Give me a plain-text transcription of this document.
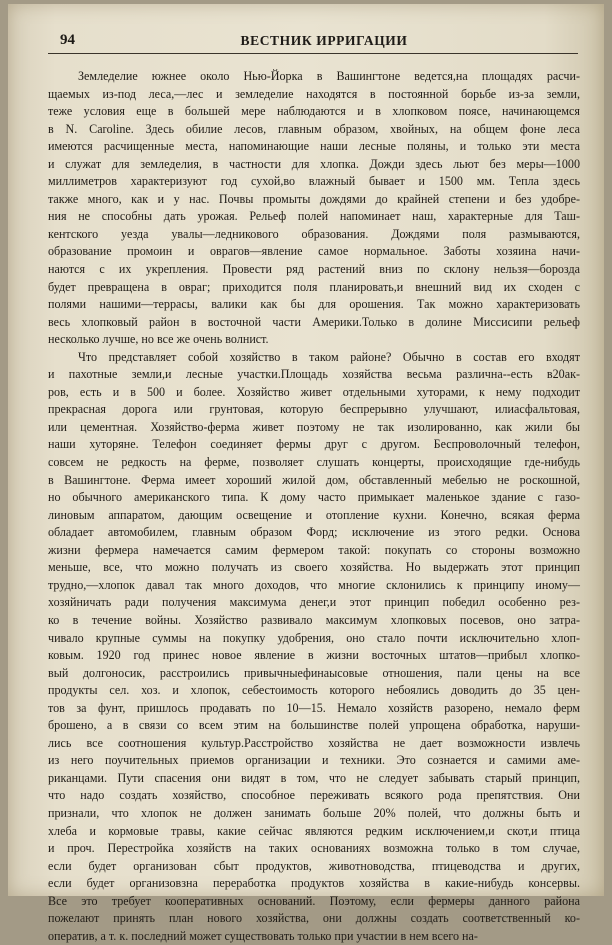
94	ВЕСТНИК ИРРИГАЦИИ
Земледелие южнее около Нью-Йорка в Вашингтоне ведется,на площадях расчи-
щаемых из-под леса,—лес и земледелие находятся в постоянной борьбе из-за земли,
теже условия еще в большей мере наблюдаются и в хлопковом поясе, начинающемся
в N. Caroline. Здесь обилие лесов, главным образом, хвойных, на общем фоне леса
имеются расчищенные места, напоминающие наши лесные поляны, и только эти места
и служат для земледелия, в частности для хлопка. Дожди здесь льют без меры—1000
миллиметров характеризуют год сухой,во влажный бывает и 1500 мм. Тепла здесь
также много, как и у нас. Почвы промыты дождями до крайней степени и без удобре-
ния не способны дать урожая. Рельеф полей напоминает наш, характерные для Таш-
кентского уезда увалы—ледникового образования. Дождями поля размываются,
образование промоин и оврагов—явление самое нормальное. Заботы хозяина начи-
наются с их укрепления. Провести ряд растений вниз по склону нельзя—борозда
будет превращена в овраг; приходится поля планировать,и внешний вид их сходен с
полями нашими—террасы, валики как бы для орошения. Так можно характеризовать
весь хлопковый район в восточной части Америки.Только в долине Миссисипи рельеф
несколько лучше, но все же очень волнист.
Что представляет собой хозяйство в таком районе? Обычно в состав его входят
и пахотные земли,и лесные участки.Площадь хозяйства весьма различна--есть в20ак-
ров, есть и в 500 и более. Хозяйство живет отдельными хуторами, к нему подходит
прекрасная дорога или грунтовая, которую беспрерывно улучшают, илиасфальтовая,
или цементная. Хозяйство-ферма живет поэтому не так изолированно, как жили бы
наши хуторяне. Телефон соединяет фермы друг с другом. Беспроволочный телефон,
совсем не редкость на ферме, позволяет слушать концерты, происходящие где-нибудь
в Вашингтоне. Ферма имеет хороший жилой дом, обставленный мебелью не роскошной,
но обычного американского типа. К дому часто примыкает маленькое здание с газо-
линовым аппаратом, дающим освещение и отопление кухни. Конечно, всякая ферма
обладает автомобилем, главным образом Форд; исключение из этого редки. Основа
жизни фермера намечается самим фермером такой: покупать со стороны возможно
меньше, все, что можно получать из своего хозяйства. Но выдержать этот принцип
трудно,—хлопок давал так много доходов, что многие склонились к принципу иному—
хозяйничать ради получения максимума денег,и этот принцип победил особенно рез-
ко в течение войны. Хозяйство развивало максимум хлопковых посевов, оно затра-
чивало крупные суммы на покупку удобрения, оно стало почти исключительно хлоп-
ковым. 1920 год принес новое явление в жизни восточных штатов—прибыл хлопко-
вый долгоносик, расстроились привычныефинаысовые отношения, пали цены на все
продукты сел. хоз. и хлопок, себестоимость которого небоялись доводить до 35 цен-
тов за фунт, пришлось продавать по 10—15. Немало хозяйств разорено, немало ферм
брошено, а в связи со всем этим на большинстве полей упрощена обработка, наруши-
лись все соотношения культур.Расстройство хозяйства не дает возможности извлечь
из него поучительных приемов организации и техники. Это сознается и самими аме-
риканцами. Пути спасения они видят в том, что не следует забывать старый принцип,
что надо создать хозяйство, способное переживать всякого рода препятствия. Они
признали, что хлопок не должен занимать больше 20% полей, что должны быть и
хлеба и кормовые травы, какие сейчас являются редким исключением,и скот,и птица
и проч. Перестройка хозяйств на таких основаниях возможна только в том случае,
если будет организован сбыт продуктов, животноводства, птицеводства и других,
если будет организовзна переработка продуктов хозяйства в какие-нибудь консервы.
Все это требует кооперативных оснований. Поэтому, если фермеры данного района
пожелают принять план нового хозяйства, они должны создать соответственный ко-
оператив, а т. к. последний может существовать только при участии в нем всего на-
